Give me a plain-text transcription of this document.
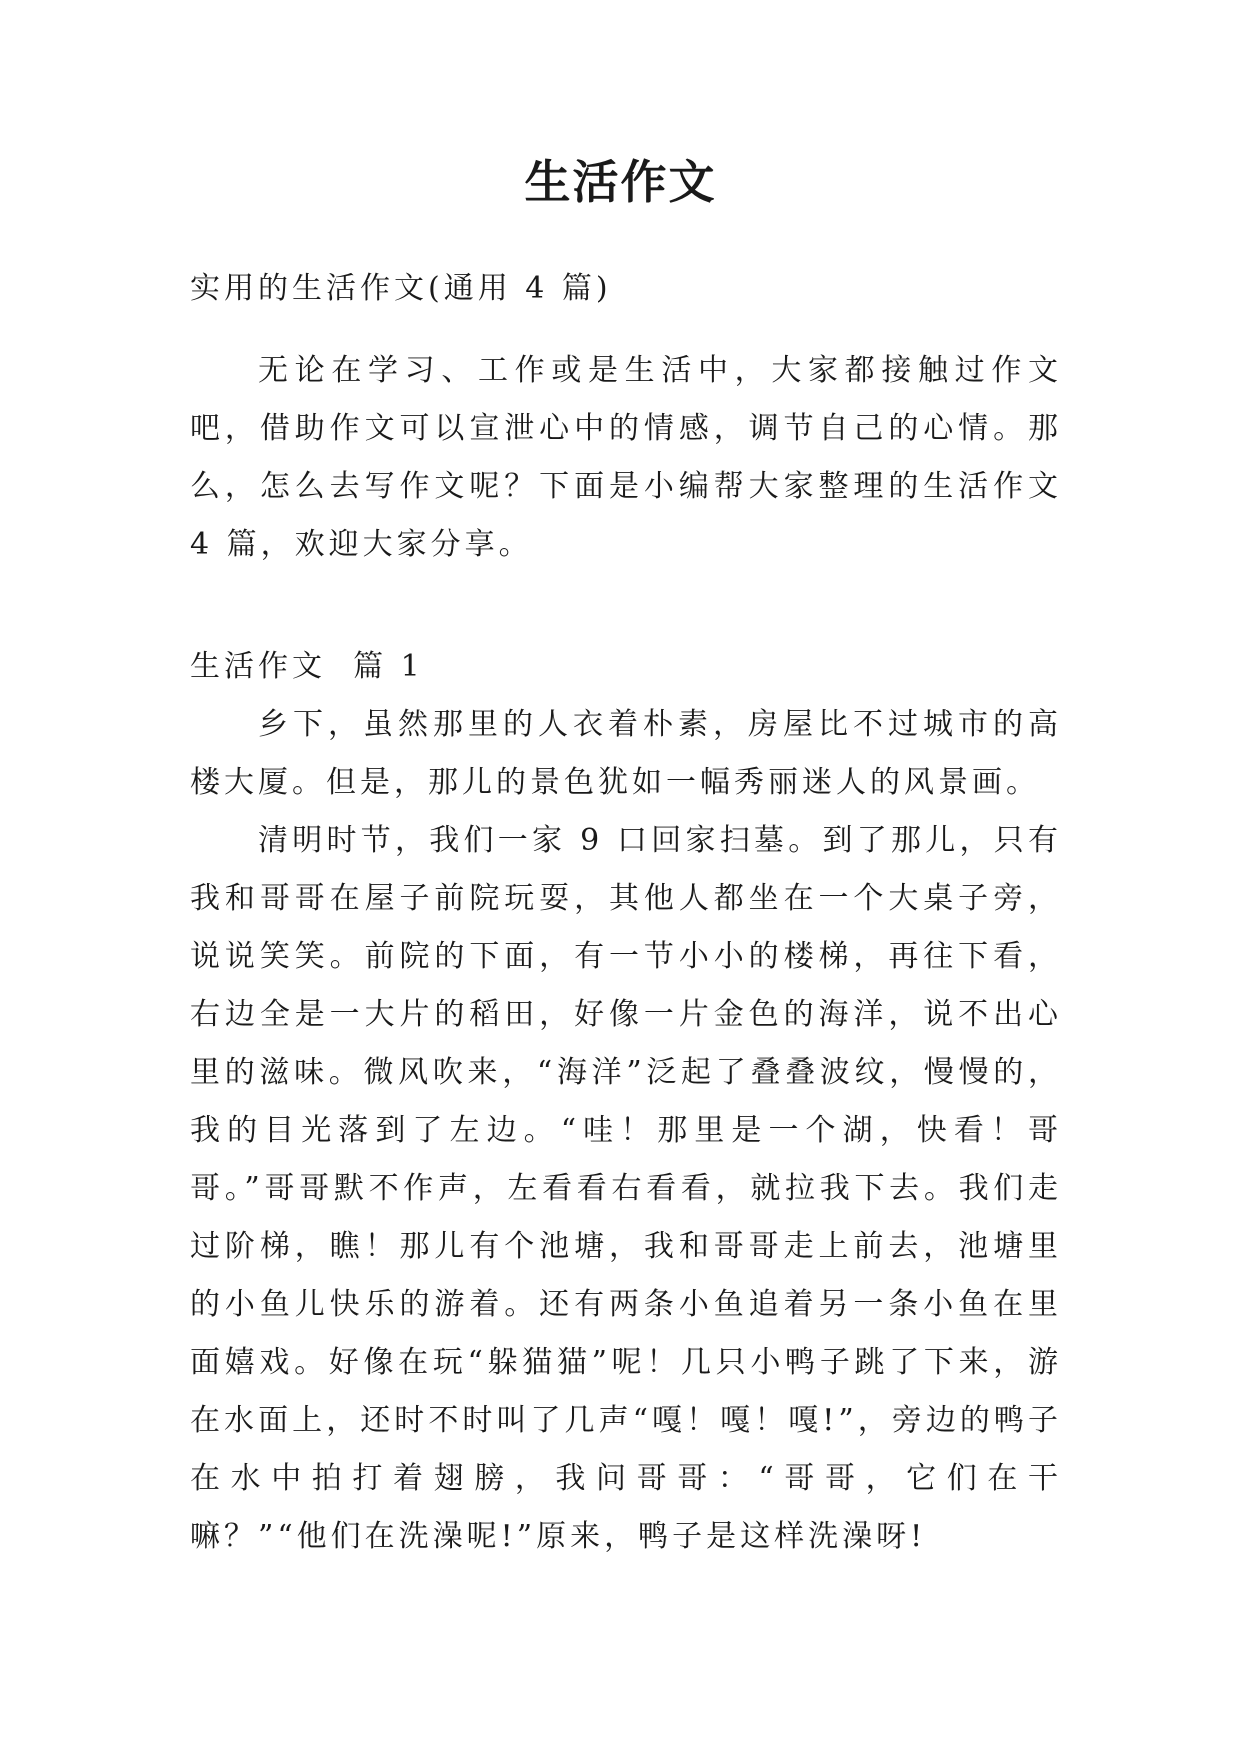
生活作文

实用的生活作文(通用 4 篇)

无论在学习、工作或是生活中，大家都接触过作文吧，借助作文可以宣泄心中的情感，调节自己的心情。那么，怎么去写作文呢？下面是小编帮大家整理的生活作文 4 篇，欢迎大家分享。

生活作文  篇 1

乡下，虽然那里的人衣着朴素，房屋比不过城市的高楼大厦。但是，那儿的景色犹如一幅秀丽迷人的风景画。

清明时节，我们一家 9 口回家扫墓。到了那儿，只有我和哥哥在屋子前院玩耍，其他人都坐在一个大桌子旁，说说笑笑。前院的下面，有一节小小的楼梯，再往下看，右边全是一大片的稻田，好像一片金色的海洋，说不出心里的滋味。微风吹来，“海洋”泛起了叠叠波纹，慢慢的，我的目光落到了左边。“哇！那里是一个湖，快看！哥哥。”哥哥默不作声，左看看右看看，就拉我下去。我们走过阶梯，瞧！那儿有个池塘，我和哥哥走上前去，池塘里的小鱼儿快乐的游着。还有两条小鱼追着另一条小鱼在里面嬉戏。好像在玩“躲猫猫”呢！几只小鸭子跳了下来，游在水面上，还时不时叫了几声“嘎！嘎！嘎!”，旁边的鸭子在水中拍打着翅膀，我问哥哥：“哥哥，它们在干嘛？”“他们在洗澡呢!”原来，鸭子是这样洗澡呀!
